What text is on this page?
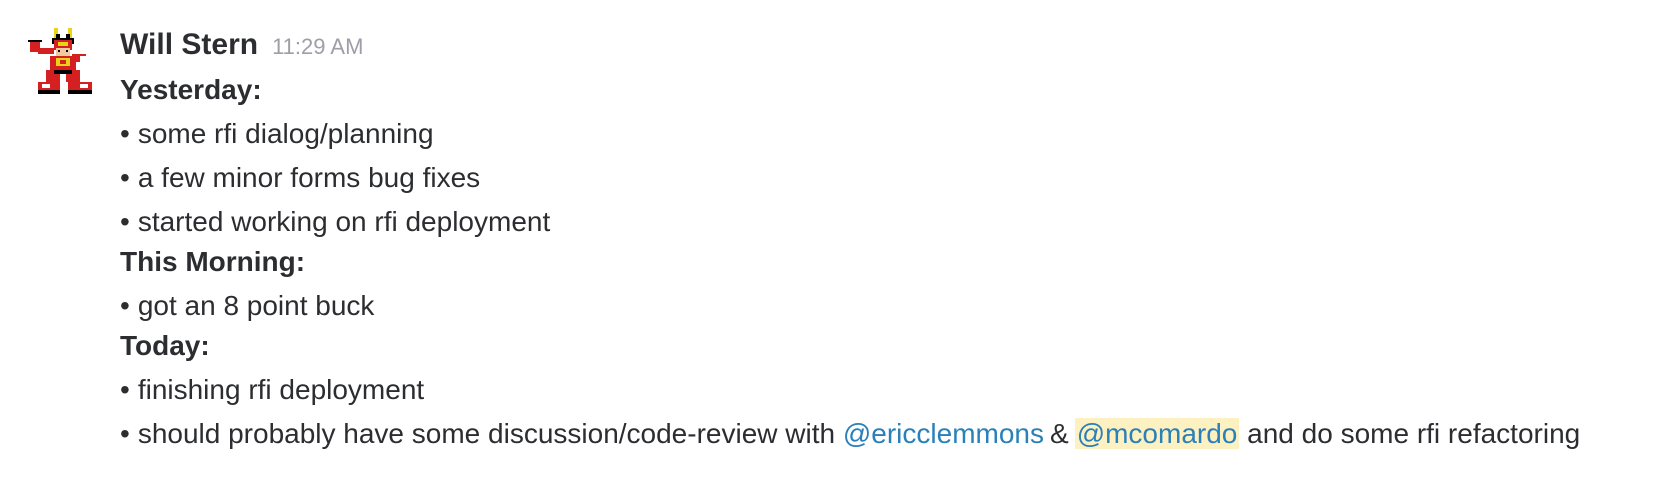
Will Stern 11:29 AM
Yesterday:
• some rfi dialog/planning
• a few minor forms bug fixes
• started working on rfi deployment
This Morning:
• got an 8 point buck
Today:
• finishing rfi deployment
• should probably have some discussion/code-review with @ericclemmons & @mcomardo and do some rfi refactoring
